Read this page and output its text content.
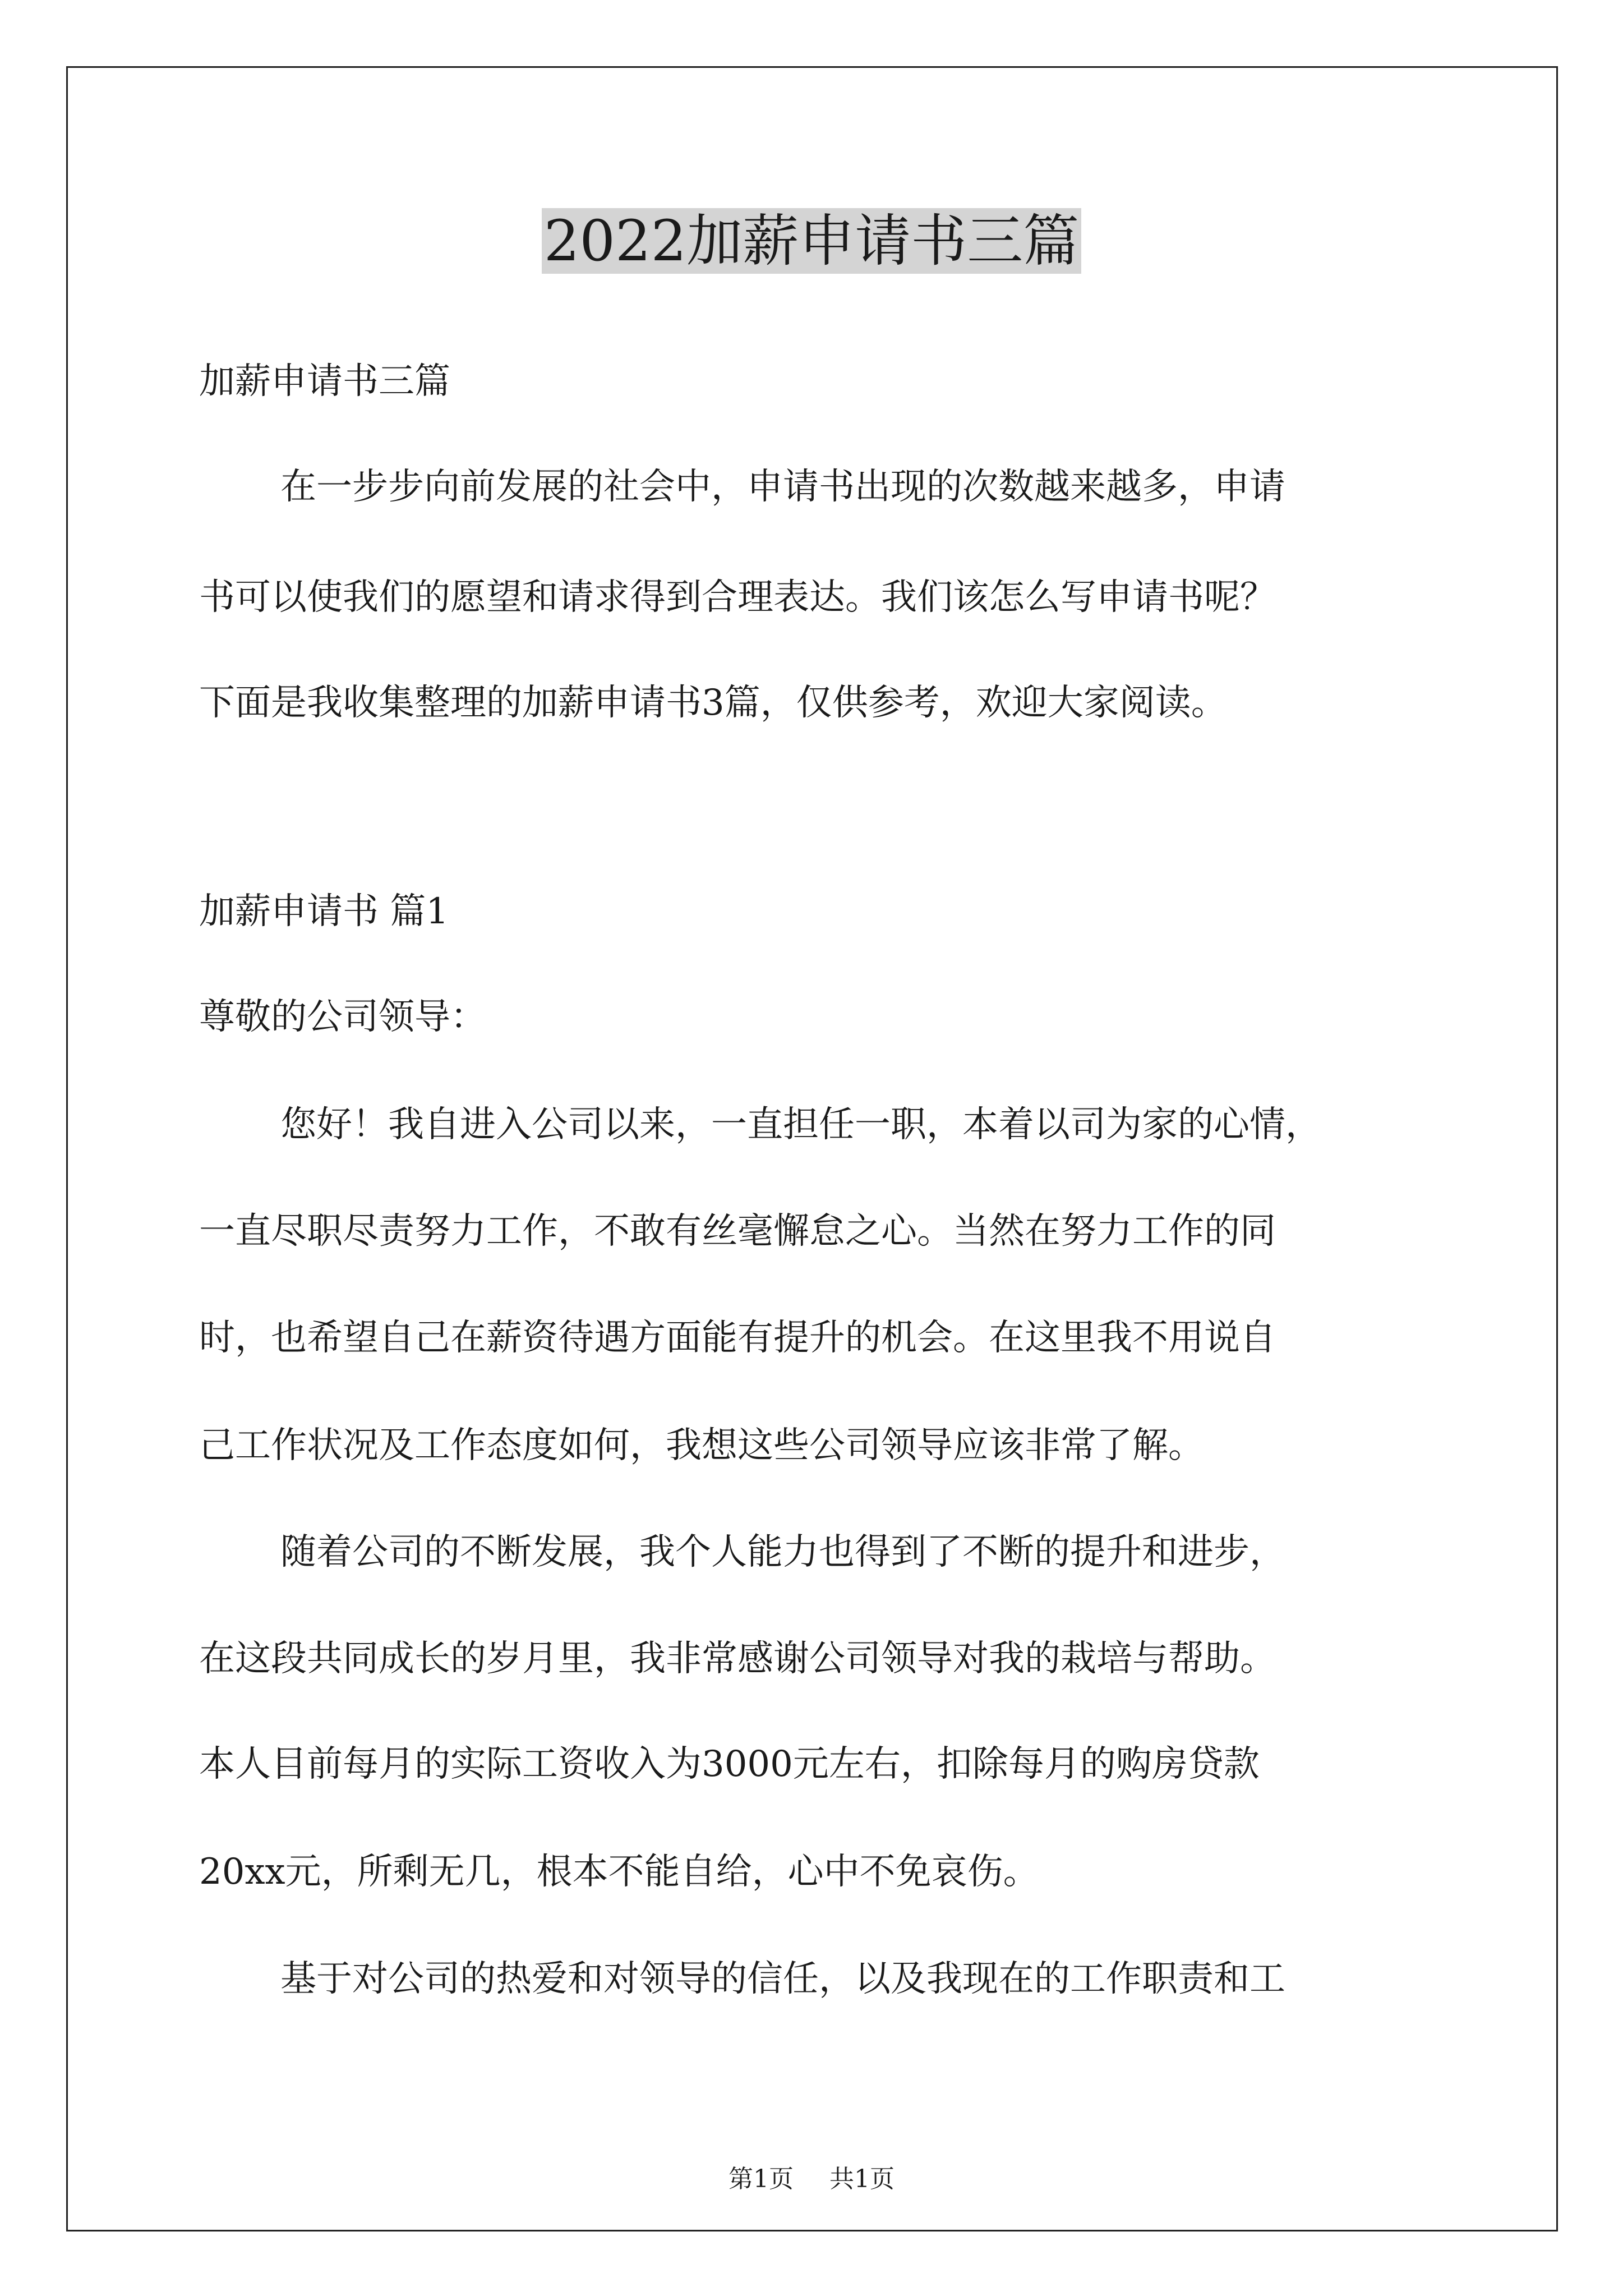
2022加薪申请书三篇
加薪申请书三篇
在一步步向前发展的社会中，申请书出现的次数越来越多，申请
书可以使我们的愿望和请求得到合理表达。我们该怎么写申请书呢？
下面是我收集整理的加薪申请书3篇，仅供参考，欢迎大家阅读。
加薪申请书 篇1
尊敬的公司领导：
您好！我自进入公司以来，一直担任一职，本着以司为家的心情，
一直尽职尽责努力工作，不敢有丝毫懈怠之心。当然在努力工作的同
时，也希望自己在薪资待遇方面能有提升的机会。在这里我不用说自
己工作状况及工作态度如何，我想这些公司领导应该非常了解。
随着公司的不断发展，我个人能力也得到了不断的提升和进步，
在这段共同成长的岁月里，我非常感谢公司领导对我的栽培与帮助。
本人目前每月的实际工资收入为3000元左右，扣除每月的购房贷款
20xx元，所剩无几，根本不能自给，心中不免哀伤。
基于对公司的热爱和对领导的信任，以及我现在的工作职责和工
第1页 共1页
